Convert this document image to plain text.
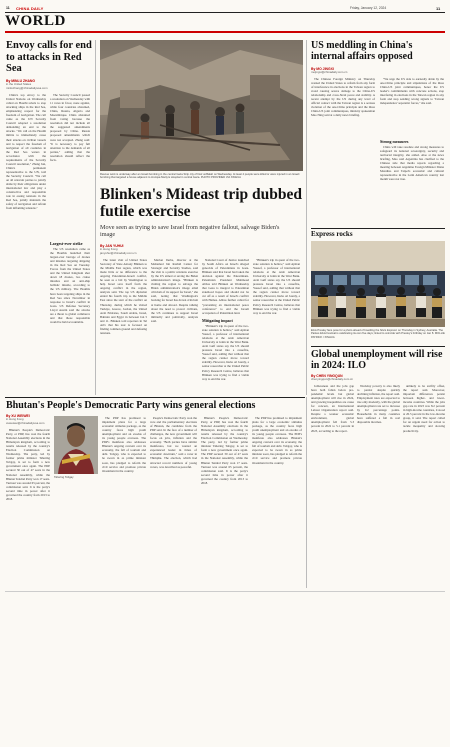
11 CHINA DAILY	Friday, January 12, 2024	11
WORLD
Envoy calls for end to attacks in Red Sea
By MINLU ZHANG
in the United States
minluzhang@chinadailyusa.com

China's top envoy to the United Nations on Wednesday called on Houthi rebels to stop attacking ships in the Red Sea, emphasizing respect for the freedom of navigation. The call came as the UN Security Council adopted a resolution demanding an end to the attacks. "We call on the Houthi militia to immediately cease their attacks on civilian vessels and to respect the freedom of navigation of all countries in the Red Sea waters in accordance with the requirements of the Security Council resolution," Zhang Jun, China's permanent representative to the UN, told the Security Council. "We call on all relevant parties to jointly abide by their obligations under international law and play a constructive and responsible role in easing tensions in the Red Sea, jointly maintain the safety of navigation and refrain from inflaming tensions."

The Security Council passed a resolution on Wednesday with 11 votes in favor, none against, while four countries abstained, China, Russia, Algeria and Mozambique. China abstained from voting because the resolution did not include all the suggested amendments proposed by China. Russia proposed amendments which were not accepted. Zhang said: "It is necessary to pay full attention to the demands of all parties," adding that the resolution should reflect the facts.

Largest-ever strike

The US resolution came as the Houthis launched their largest-ever barrage of drones and missiles targeting shipping in the Red Sea on Tuesday. Forces from the United States and the United Kingdom shot down 18 drones, two cruise missiles and an anti-ship ballistic missile, according to the US military. The Houthis have been targeting ships in the Red Sea since November in response to Israel's conflict in Gaza. US Defense Secretary Lloyd Austin said the attacks are a threat to global commerce and that those responsible would be held accountable.

Rescue work is underway after an Israeli bombing in the central Gaza Strip city of Deir al-Balah on Wednesday. At least 4 people were killed or were injured in an Israeli bombing that targeted a house adjacent to Al-Aqsa Martyrs Hospital in central Gaza. PHOTO PROVIDED VIA XINHUA
Blinken's Mideast trip dubbed futile exercise
Move seen as trying to save Israel from negative fallout, salvage Biden's image
By JAN YUHUI
in Hong Kong
janyuhui@chinadaily.com.cn

The latest visit of United States Secretary of State Antony Blinken to the Middle East region, which was made little or no difference to the ongoing Palestinian-Israeli conflict, he seen as a bid by Washington to help Israel save itself from the ongoing conflict in the region, analysts said. The top US diplomat ended his fourth trip to the Middle East since the start of the conflict on Thursday, during which he visited Turkiye, Greece, Jordan, the United Arab Emirates, Saudi Arabia, Israel, Bahrain and Egypt in between Jan 5 and 11. Blinken told reporters in Tel Aviv that his tour is focused on finding common ground and defusing tensions.

Marlon Ilerbe, director at the Mohamed bin Rashid Center for Strategic and Security Studies, said the visit is a public relations exercise by the US aimed at saving the Biden administration's image. "Blinken is visiting the region to salvage the Biden administration's image amid criticism of its support for Israel," she said, noting that Washington's backing for Israel has drawn criticism at home and abroad. Despite talking about the need to protect civilians, the US continues to support Israel militarily and politically, analysts said.

National Court of Justice launched by South Africa on Israel's alleged genocide of Palestinians in Gaza. Blinken said that Israel had taken the decision against the Palestinians. Palestinian President Mahmoud Abbas told Blinken on Wednesday that Gaza is integral to Palestinian statehood hopes and should not be cut off as a result of Israel's conflict with Hamas. Abbas further called for "preventing an international peace conference" to end the Israeli occupation of Palestinian land.

Mitigating impact

"Blinken's trip in quest of the two-state solution is hollow," said Ayman Yousef, a professor of international relations at the Arab American University at Jenin in the West Bank. Arab Gulf states say the US should pressure Israel into a ceasefire, Yousef said, adding that without that the region cannot move toward stability. However, Kubo Al Jounly, a senior researcher at the United Public Policy Research Centre, believes that Blinken was trying to find a viable way to end the war.

"Blinken's trip in quest of the two-state solution is hollow," said Ayman Yousef, a professor of international relations at the Arab American University at Jenin in the West Bank. Arab Gulf states say the US should pressure Israel into a ceasefire, Yousef said, adding that without that the region cannot move toward stability. However, Kubo Al Jounly, a senior researcher at the United Public Policy Research Centre, believes that Blinken was trying to find a viable way to end the war.

US meddling in China's internal affairs opposed
By MO JINGXI
mojingxi@chinadaily.com.cn

The Chinese Foreign Ministry on Thursday warned the United States to refrain from any form of interference in elections in the Taiwan region to avoid causing severe damage to the China-US relationship and cross-Strait peace and stability. A recent attempt by the US during any level of official contact with the Taiwan region is a serious violation of the one-China principle and the three China-US joint communiques, ministry spokesman Mao Ning said at a daily news briefing.

"We urge the US side to earnestly abide by the one-China principle and stipulations of the three China-US joint communiques, honor the US leader's commitments with concrete actions, stop interfering in elections in the Taiwan region in any form and stop sending wrong signals to 'Taiwan independence' separatist forces," she said.

Strong measures

China will take resolute and strong measures to safeguard its national sovereignty, security and territorial integrity, she added. Also at the news briefing, Mao said Argentina has clarified to the Chinese side that media reports regarding a meeting between Argentine Foreign Minister Diana Mondino and Taipei's economic and cultural representative in the Latin American country last month were not true.

Express rocks
Elvis Presley fans pose for a photo ahead of boarding the 'Elvis Express' on Thursday in Sydney, Australia. The Parkes Elvis Festival is celebrating its own five days; linked to coincide with Presley's birthday on Jan 8. MOLLIE PATRICK / XINHUA
Global unemployment will rise in 2024: ILO
By CHEN YINGQUN
chenyingqun@chinadaily.com.cn

Joblessness and the jobs gap have both fallen below pre-pandemic levels but global unemployment will rise in 2024, and growing inequalities are cause for concern, an International Labour Organization report said. Despite a weaker economic environment, global unemployment fell from 5.3 percent in 2022 to 5.1 percent in 2023, according to the report.

Workday poverty is also likely to persist despite quickly declining inflation, the report said. Employment rates are expected to rise only modestly, with the global unemployment rate set to increase by 0.2 percentage points. Households in many countries have suffered a fall in real disposable incomes.

unlikely to be swiftly offset, the report said. Moreover, important differences persist between higher- and lower-income countries. While the jobs gap rate in 2023 was 8.2 percent in high-income countries, it stood at 20.5 percent in the low-income group, it said. The report called for an urgent need for action to tackle inequality and slowing productivity.

Bhutan's People's Democratic Party wins general elections
By XU WEIWEI
in Hong Kong
xuweiwei@chinadailyusa.com

Bhutan's People's Democratic Party, or PDP, has won the fourth National Assembly elections in the Himalayan kingdom, according to results released by the country's Election Commission on Wednesday. The party, led by former prime minister Tshering Tobgay, is set to form a new government once again. The PDP secured 30 out of 47 seats in the National Assembly, while the Bhutan Tendrel Party won 17 seats. Turnout was around 65 percent, the commission said. It is the party's second time in power after it governed the country from 2013 to 2018.

Tshering Tobgay

The PDP has promised to implement plans for a large economic stimulus package, as the country faces high youth unemployment and an exodus of its young people overseas. The PDP's manifesto also addresses Bhutan's ongoing concern over its economy, the fall of tourism and debt. Tobgay, who is expected to be sworn in as prime minister soon, has pledged to reform the civil service and promote private investment in the country.

People's Democratic Party won the vote and the parliamentary elections of Bhutan, the candidate from the PDP said. In the face of a number of challenges, the new government will focus on jobs, inflation and the economy. "Both parties have similar manifestos, but we wanted an experienced leader in times of economic downturn," said a voter in Thimphu. The election, which had attracted record numbers of young voters, was described as peaceful.

Bhutan's People's Democratic Party, or PDP, has won the fourth National Assembly elections in the Himalayan kingdom, according to results released by the country's Election Commission on Wednesday. The party, led by former prime minister Tshering Tobgay, is set to form a new government once again. The PDP secured 30 out of 47 seats in the National Assembly, while the Bhutan Tendrel Party won 17 seats. Turnout was around 65 percent, the commission said. It is the party's second time in power after it governed the country from 2013 to 2018.

The PDP has promised to implement plans for a large economic stimulus package, as the country faces high youth unemployment and an exodus of its young people overseas. The PDP's manifesto also addresses Bhutan's ongoing concern over its economy, the fall of tourism and debt. Tobgay, who is expected to be sworn in as prime minister soon, has pledged to reform the civil service and promote private investment in the country.
